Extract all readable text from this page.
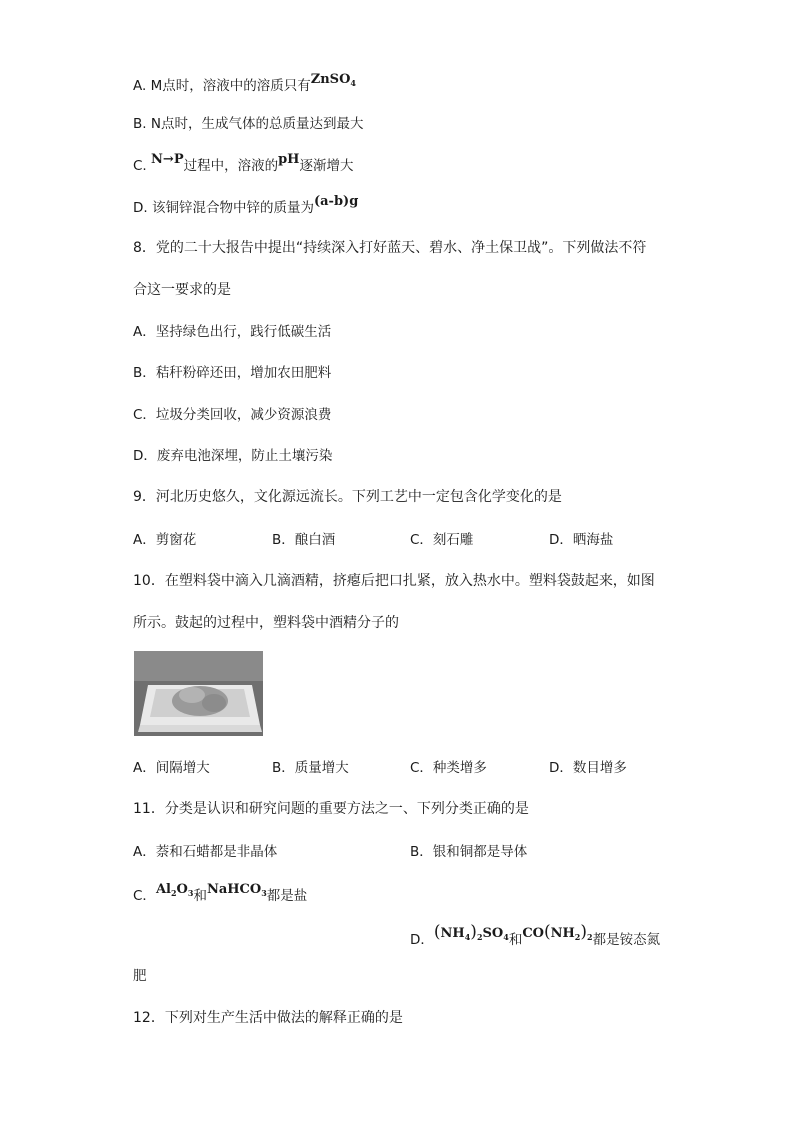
A. M点时，溶液中的溶质只有ZnSO$_4$
B. N点时，生成气体的总质量达到最大
C. N→P过程中，溶液的pH逐渐增大
D. 该铜锌混合物中锌的质量为(a-b)g
8．党的二十大报告中提出“持续深入打好蓝天、碧水、净土保卫战”。下列做法不符
合这一要求的是
A．坚持绿色出行，践行低碳生活
B．秸秆粉碎还田，增加农田肥料
C．垃圾分类回收，减少资源浪费
D．废弃电池深埋，防止土壤污染
9．河北历史悠久，文化源远流长。下列工艺中一定包含化学变化的是
A．剪窗花	B．酿白酒	C．刻石雕	D．晒海盐
10．在塑料袋中滴入几滴酒精，挤瘪后把口扎紧，放入热水中。塑料袋鼓起来，如图
所示。鼓起的过程中，塑料袋中酒精分子的
A．间隔增大	B．质量增大	C．种类增多	D．数目增多
11．分类是认识和研究问题的重要方法之一、下列分类正确的是
A．萘和石蜡都是非晶体	B．银和铜都是导体
C．$Al_2O_3$和NaHCO$_3$都是盐
D．$(NH_4)_2SO_4$和$CO(NH_2)_2$都是铵态氮
肥
12．下列对生产生活中做法的解释正确的是
